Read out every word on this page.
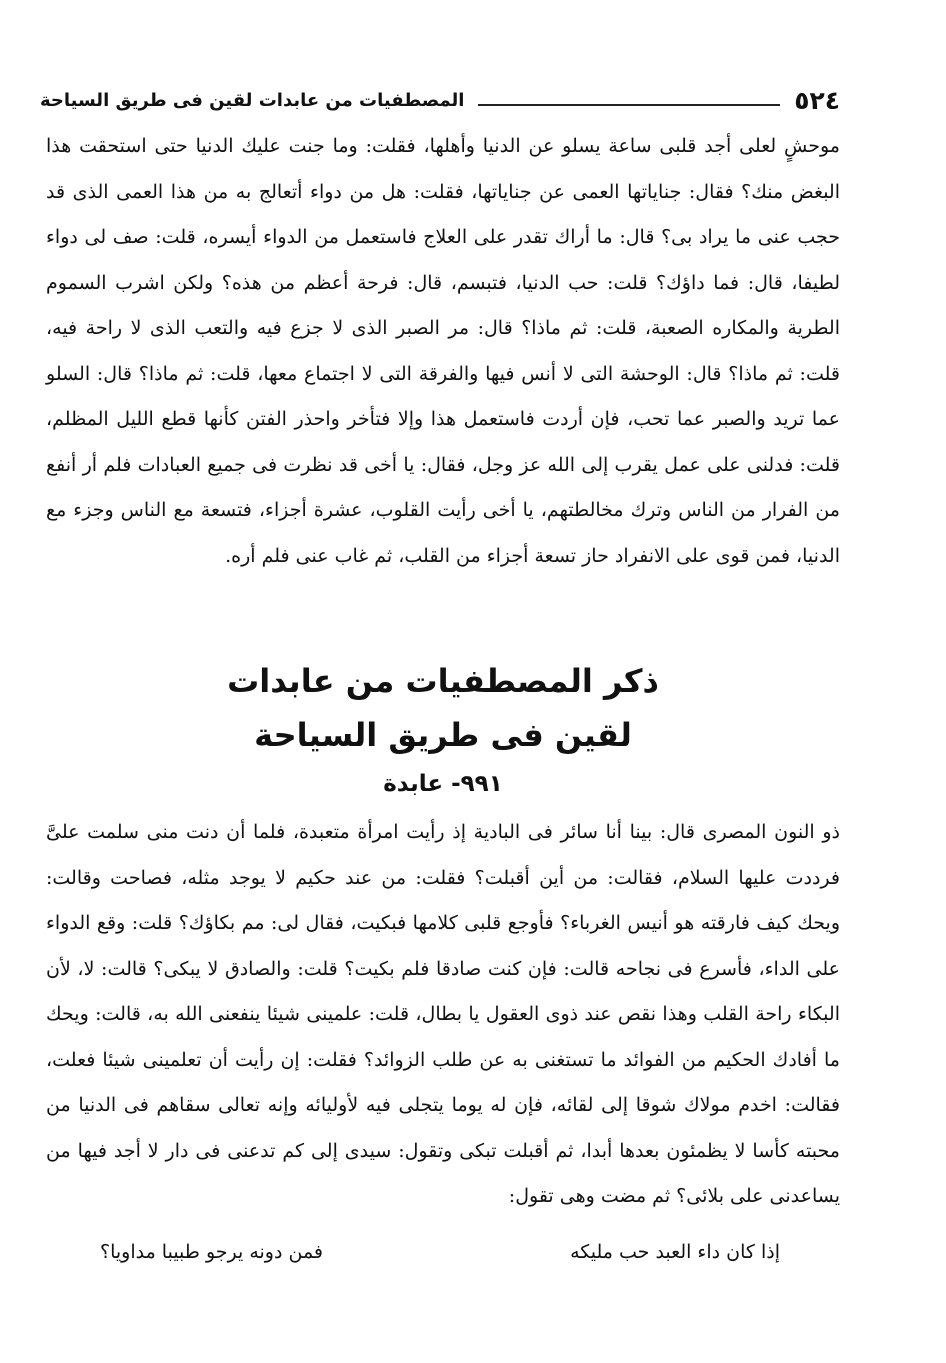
٥٢٤
المصطفيات من عابدات لقين فى طريق السياحة

موحشٍ لعلى أجد قلبى ساعة يسلو عن الدنيا وأهلها، فقلت: وما جنت عليك الدنيا حتى استحقت هذا البغض منك؟ فقال: جناياتها العمى عن جناياتها، فقلت: هل من دواء أتعالج به من هذا العمى الذى قد حجب عنى ما يراد بى؟ قال: ما أراك تقدر على العلاج فاستعمل من الدواء أيسره، قلت: صف لى دواء لطيفا، قال: فما داؤك؟ قلت: حب الدنيا، فتبسم، قال: فرحة أعظم من هذه؟ ولكن اشرب السموم الطرية والمكاره الصعبة، قلت: ثم ماذا؟ قال: مر الصبر الذى لا جزع فيه والتعب الذى لا راحة فيه، قلت: ثم ماذا؟ قال: الوحشة التى لا أنس فيها والفرقة التى لا اجتماع معها، قلت: ثم ماذا؟ قال: السلو عما تريد والصبر عما تحب، فإن أردت فاستعمل هذا وإلا فتأخر واحذر الفتن كأنها قطع الليل المظلم، قلت: فدلنى على عمل يقرب إلى الله عز وجل، فقال: يا أخى قد نظرت فى جميع العبادات فلم أر أنفع من الفرار من الناس وترك مخالطتهم، يا أخى رأيت القلوب، عشرة أجزاء، فتسعة مع الناس وجزء مع الدنيا، فمن قوى على الانفراد حاز تسعة أجزاء من القلب، ثم غاب عنى فلم أره.

ذكر المصطفيات من عابدات

لقين فى طريق السياحة

٩٩١- عابدة

ذو النون المصرى قال: بينا أنا سائر فى البادية إذ رأيت امرأة متعبدة، فلما أن دنت منى سلمت علىَّ فرددت عليها السلام، فقالت: من أين أقبلت؟ فقلت: من عند حكيم لا يوجد مثله، فصاحت وقالت: ويحك كيف فارقته هو أنيس الغرباء؟ فأوجع قلبى كلامها فبكيت، فقال لى: مم بكاؤك؟ قلت: وقع الدواء على الداء، فأسرع فى نجاحه قالت: فإن كنت صادقا فلم بكيت؟ قلت: والصادق لا يبكى؟ قالت: لا، لأن البكاء راحة القلب وهذا نقص عند ذوى العقول يا بطال، قلت: علمينى شيئا ينفعنى الله به، قالت: ويحك ما أفادك الحكيم من الفوائد ما تستغنى به عن طلب الزوائد؟ فقلت: إن رأيت أن تعلمينى شيئا فعلت، فقالت: اخدم مولاك شوقا إلى لقائه، فإن له يوما يتجلى فيه لأوليائه وإنه تعالى سقاهم فى الدنيا من محبته كأسا لا يظمئون بعدها أبدا، ثم أقبلت تبكى وتقول: سيدى إلى كم تدعنى فى دار لا أجد فيها من يساعدنى على بلائى؟ ثم مضت وهى تقول:

إذا كان داء العبد حب مليكه
فمن دونه يرجو طبيبا مداويا؟
